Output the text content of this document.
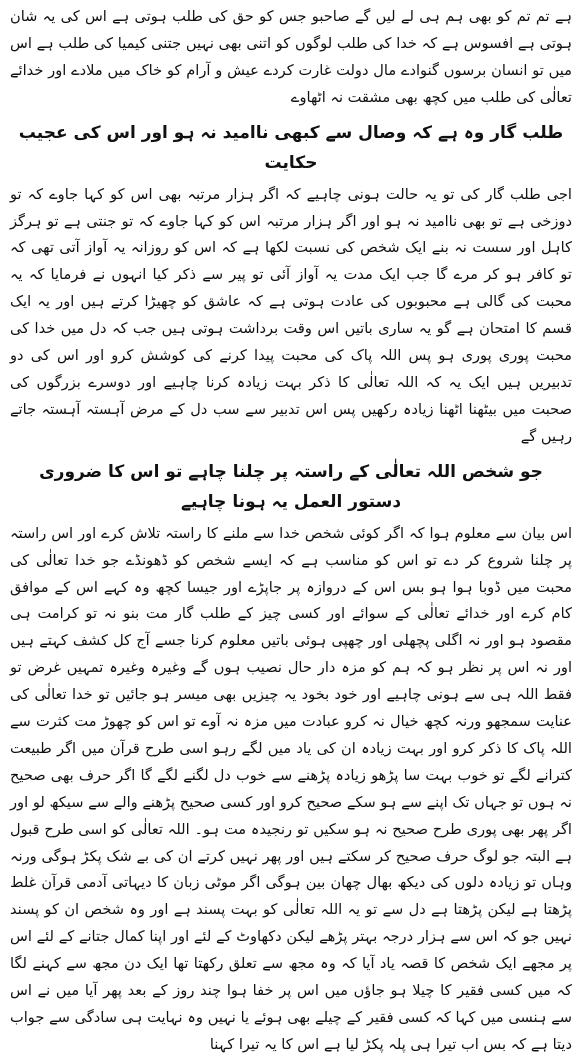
ہے تم تم کو بھی ہم ہی لے لیں گے صاحبو جس کو حق کی طلب ہوتی ہے اس کی یہ شان ہوتی ہے افسوس ہے کہ خدا کی طلب لوگوں کو اتنی بھی نہیں جتنی کیمیا کی طلب ہے اس میں تو انسان برسوں گنوادے مال دولت غارت کردے عیش و آرام کو خاک میں ملادے اور خدائے تعالٰی کی طلب میں کچھ بھی مشقت نہ اٹھاوے

طلب گار وہ ہے کہ وصال سے کبھی ناامید نہ ہو اور اس کی عجیب حکایت

اجی طلب گار کی تو یہ حالت ہونی چاہیے کہ اگر ہزار مرتبہ بھی اس کو کہا جاوے کہ تو دوزخی ہے تو بھی ناامید نہ ہو اور اگر ہزار مرتبہ اس کو کہا جاوے کہ تو جنتی ہے تو ہرگز کاہل اور سست نہ بنے ایک شخص کی نسبت لکھا ہے کہ اس کو روزانہ یہ آواز آتی تھی کہ تو کافر ہو کر مرے گا جب ایک مدت یہ آواز آئی تو پیر سے ذکر کیا انہوں نے فرمایا کہ یہ محبت کی گالی ہے محبوبوں کی عادت ہوتی ہے کہ عاشق کو چھیڑا کرتے ہیں اور یہ ایک قسم کا امتحان ہے گو یہ ساری باتیں اس وقت برداشت ہوتی ہیں جب کہ دل میں خدا کی محبت پوری پوری ہو پس اللہ پاک کی محبت پیدا کرنے کی کوشش کرو اور اس کی دو تدبیریں ہیں ایک یہ کہ اللہ تعالٰی کا ذکر بہت زیادہ کرنا چاہیے اور دوسرے بزرگوں کی صحبت میں بیٹھنا اٹھنا زیادہ رکھیں پس اس تدبیر سے سب دل کے مرض آہستہ آہستہ جاتے رہیں گے

جو شخص اللہ تعالٰی کے راستہ پر چلنا چاہے تو اس کا ضروری دستور العمل یہ ہونا چاہیے

اس بیان سے معلوم ہوا کہ اگر کوئی شخص خدا سے ملنے کا راستہ تلاش کرے اور اس راستہ پر چلنا شروع کر دے تو اس کو مناسب ہے کہ ایسے شخص کو ڈھونڈے جو خدا تعالٰی کی محبت میں ڈوبا ہوا ہو بس اس کے دروازہ پر جاپڑے اور جیسا کچھ وہ کہے اس کے موافق کام کرے اور خدائے تعالٰی کے سوائے اور کسی چیز کے طلب گار مت بنو نہ تو کرامت ہی مقصود ہو اور نہ اگلی پچھلی اور چھپی ہوئی باتیں معلوم کرنا جسے آج کل کشف کہتے ہیں اور نہ اس پر نظر ہو کہ ہم کو مزہ دار حال نصیب ہوں گے وغیرہ وغیرہ تمہیں غرض تو فقط اللہ ہی سے ہونی چاہیے اور خود بخود یہ چیزیں بھی میسر ہو جائیں تو خدا تعالٰی کی عنایت سمجھو ورنہ کچھ خیال نہ کرو عبادت میں مزہ نہ آوے تو اس کو چھوڑ مت کثرت سے اللہ پاک کا ذکر کرو اور بہت زیادہ ان کی یاد میں لگے رہو اسی طرح قرآن میں اگر طبیعت کترانے لگے تو خوب بہت سا پڑھو زیادہ پڑھنے سے خوب دل لگنے لگے گا اگر حرف بھی صحیح نہ ہوں تو جہاں تک اپنے سے ہو سکے صحیح کرو اور کسی صحیح پڑھنے والے سے سیکھ لو اور اگر پھر بھی پوری طرح صحیح نہ ہو سکیں تو رنجیدہ مت ہو۔ اللہ تعالٰی کو اسی طرح قبول ہے البتہ جو لوگ حرف صحیح کر سکتے ہیں اور پھر نہیں کرتے ان کی بے شک پکڑ ہوگی ورنہ وہاں تو زیادہ دلوں کی دیکھ بھال چھان بین ہوگی اگر موٹی زبان کا دیہاتی آدمی قرآن غلط پڑھتا ہے لیکن پڑھتا ہے دل سے تو یہ اللہ تعالٰی کو بہت پسند ہے اور وہ شخص ان کو پسند نہیں جو کہ اس سے ہزار درجہ بہتر پڑھے لیکن دکھاوٹ کے لئے اور اپنا کمال جتانے کے لئے اس پر مجھے ایک شخص کا قصہ یاد آیا کہ وہ مجھ سے تعلق رکھتا تھا ایک دن مجھ سے کہنے لگا کہ میں کسی فقیر کا چیلا ہو جاؤں میں اس پر خفا ہوا چند روز کے بعد پھر آیا میں نے اس سے ہنسی میں کہا کہ کسی فقیر کے چیلے بھی ہوئے یا نہیں وہ نہایت ہی سادگی سے جواب دیتا ہے کہ بس اب تیرا ہی پلہ پکڑ لیا ہے اس کا یہ تیرا کہنا
